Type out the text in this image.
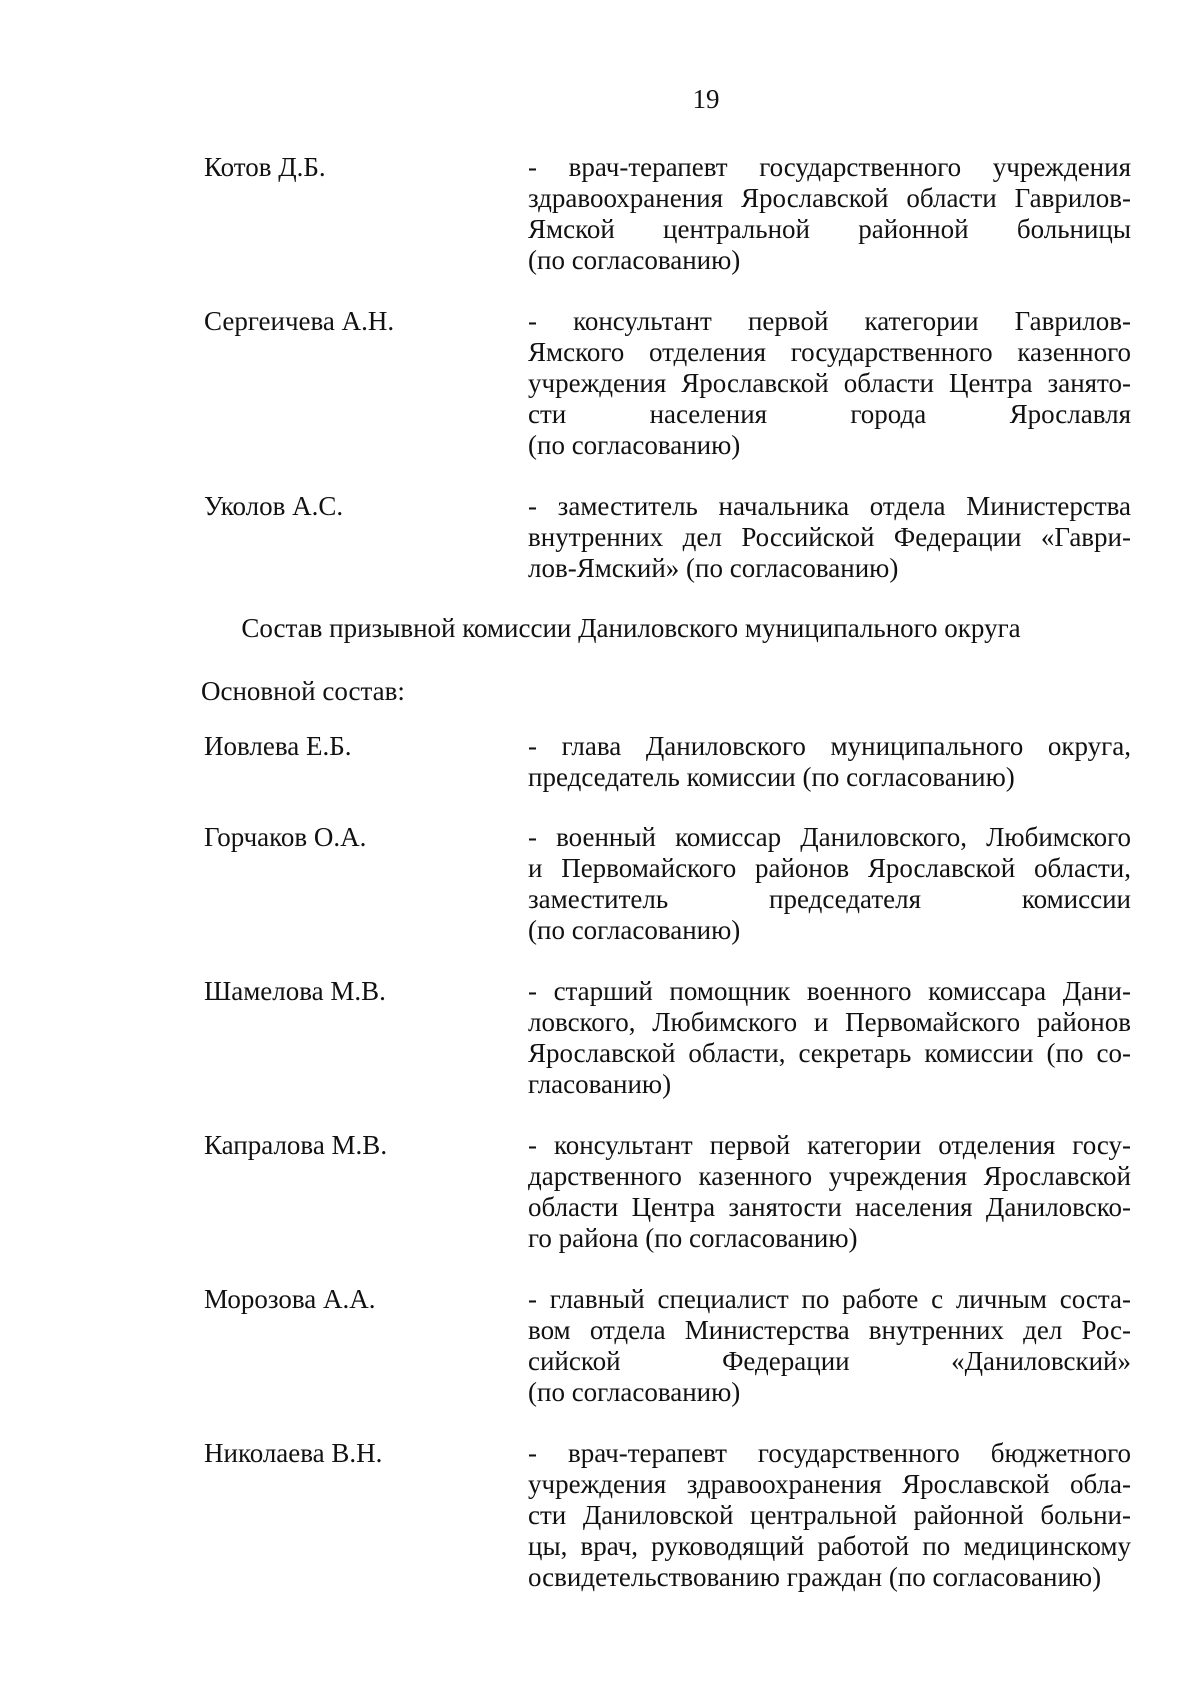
19
Котов Д.Б.	- врач-терапевт государственного учреждения
здравоохранения Ярославской области Гаврилов-
Ямской центральной районной больницы
(по согласованию)
Сергеичева А.Н.	- консультант первой категории Гаврилов-
Ямского отделения государственного казенного
учреждения Ярославской области Центра занято-
сти населения города Ярославля
(по согласованию)
Уколов А.С.	- заместитель начальника отдела Министерства
внутренних дел Российской Федерации «Гаври-
лов-Ямский» (по согласованию)
Состав призывной комиссии Даниловского муниципального округа
Основной состав:
Иовлева Е.Б.	- глава Даниловского муниципального округа,
председатель комиссии (по согласованию)
Горчаков О.А.	- военный комиссар Даниловского, Любимского
и Первомайского районов Ярославской области,
заместитель председателя комиссии
(по согласованию)
Шамелова М.В.	- старший помощник военного комиссара Дани-
ловского, Любимского и Первомайского районов
Ярославской области, секретарь комиссии (по со-
гласованию)
Капралова М.В.	- консультант первой категории отделения госу-
дарственного казенного учреждения Ярославской
области Центра занятости населения Даниловско-
го района (по согласованию)
Морозова А.А.	- главный специалист по работе с личным соста-
вом отдела Министерства внутренних дел Рос-
сийской Федерации «Даниловский»
(по согласованию)
Николаева В.Н.	- врач-терапевт государственного бюджетного
учреждения здравоохранения Ярославской обла-
сти Даниловской центральной районной больни-
цы, врач, руководящий работой по медицинскому
освидетельствованию граждан (по согласованию)
